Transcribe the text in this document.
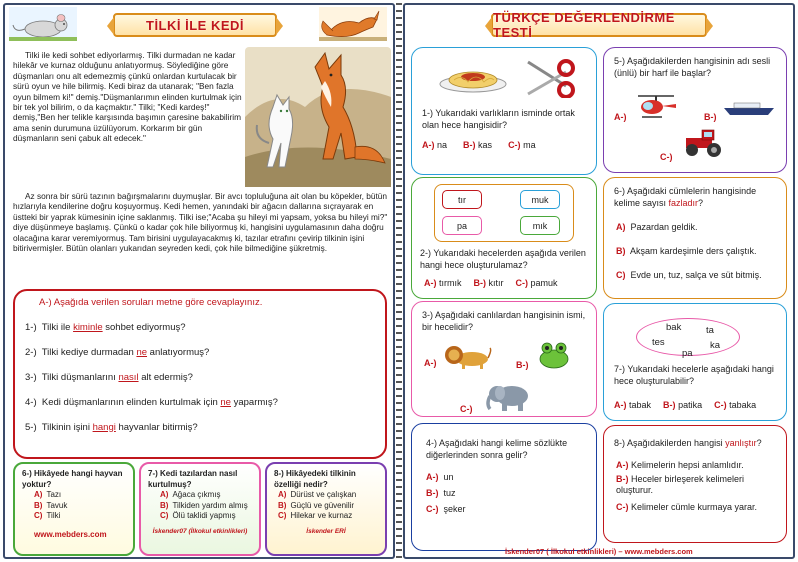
TİLKİ İLE KEDİ

Tilki ile kedi sohbet ediyorlarmış. Tilki durmadan ne kadar hilekâr ve kurnaz olduğunu anlatıyormuş. Söylediğine göre düşmanları onu alt edemezmiş çünkü onlardan kurtulacak bir sürü oyun ve hile bilirmiş. Kedi biraz da utanarak; "Ben fazla oyun bilmem ki!" demiş."Düşmanlarımın elinden kurtulmak için bir tek yol bilirim, o da kaçmaktır." Tilki; "Kedi kardeş!" demiş,"Ben her telikle karşısında başımın çaresine bakabilirim ama senin durumuna üzülüyorum. Korkarım bir gün düşmanların seni çabuk alt edecek."

Az sonra bir sürü tazının bağırşmalarını duymuşlar. Bir avcı topluluğuna ait olan bu köpekler, bütün hızlarıyla kendilerine doğru koşuyormuş. Kedi hemen, yanındaki bir ağacın dallarına sıçrayarak en üstteki bir yaprak kümesinin içine saklanmış. Tilki ise;"Acaba şu hileyi mi yapsam, yoksa bu hileyi mi?" diye düşünmeye başlamış. Çünkü o kadar çok hile biliyormuş ki, hangisini uygulamasının daha doğru olacağına karar veremiyormuş. Tam birisini uygulayacakmış ki, tazılar etrafını çevirip tilkinin işini bitirivermişler. Bütün olanları yukarıdan seyreden kedi, çok hile bilmediğine şükretmiş.

A-) Aşağıda verilen soruları metne göre cevaplayınız.
1-) Tilki ile kiminle sohbet ediyormuş?
2-) Tilki kediye durmadan ne anlatıyormuş?
3-) Tilki düşmanlarını nasıl alt edermiş?
4-) Kedi düşmanlarının elinden kurtulmak için ne yaparmış?
5-) Tilkinin işini hangi hayvanlar bitirmiş?
6-) Hikâyede hangi hayvan yoktur?
A) Tazı
B) Tavuk
C) Tilki
www.mebders.com
7-) Kedi tazılardan nasıl kurtulmuş?
A) Ağaca çıkmış
B) Tilkiden yardım almış
C) Ölü taklidi yapmış
İskender07 (İlkokul etkinlikleri)
8-) Hikâyedeki tilkinin özelliği nedir?
A) Dürüst ve çalışkan
B) Güçlü ve güvenilir
C) Hilekar ve kurnaz
İskender ERİ
TÜRKÇE DEĞERLENDİRME TESTİ
1-) Yukarıdaki varlıkların isminde ortak olan hece hangisidir?
A-) na B-) kas C-) ma
tır	muk
pa	mık
2-) Yukarıdaki hecelerden aşağıda verilen hangi hece oluşturulamaz?
A-) tırmık B-) kıtır C-) pamuk
3-) Aşağıdaki canlılardan hangisinin ismi, bir hecelidir?
A-)	B-)
C-)
4-) Aşağıdaki hangi kelime sözlükte diğerlerinden sonra gelir?
A-) un
B-) tuz
C-) şeker
5-) Aşağıdakilerden hangisinin adı sesli (ünlü) bir harf ile başlar?
A-)	B-)
C-)
6-) Aşağıdaki cümlelerin hangisinde kelime sayısı fazladır?
A) Pazardan geldik.
B) Akşam kardeşimle ders çalıştık.
C) Evde un, tuz, salça ve süt bitmiş.
bak	ta
tes	ka
pa
7-) Yukarıdaki hecelerle aşağıdaki hangi hece oluşturulabilir?
A-) tabak B-) patika C-) tabaka
8-) Aşağıdakilerden hangisi yanlıştır?
A-) Kelimelerin hepsi anlamlıdır.
B-) Heceler birleşerek kelimeleri oluşturur.
C-) Kelimeler cümle kurmaya yarar.
İskender07 ( İlkokul etkinlikleri) – www.mebders.com
